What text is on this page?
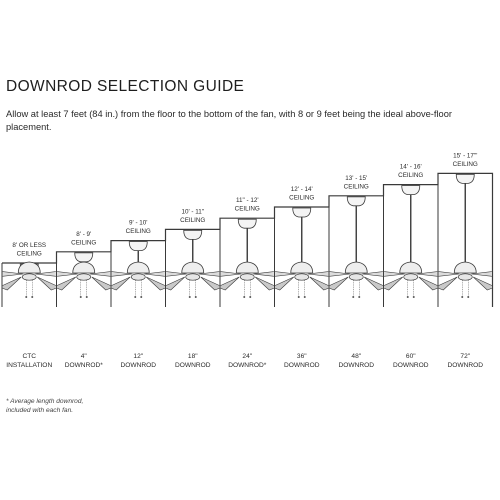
DOWNROD SELECTION GUIDE

Allow at least 7 feet (84 in.) from the floor to the bottom of the fan, with 8 or 9 feet being the ideal above-floor placement.

8' OR LESS
CEILING
CTC
INSTALLATION
8' - 9'
CEILING
4"
DOWNROD*
9' - 10'
CEILING
12"
DOWNROD
10' - 11"
CEILING
18"
DOWNROD
11" - 12'
CEILING
24"
DOWNROD*
12' - 14'
CEILING
36"
DOWNROD
13' - 15'
CEILING
48"
DOWNROD
14' - 16'
CEILING
60"
DOWNROD
15' - 17'"
CEILING
72"
DOWNROD

* Average length downrod,
included with each fan.
